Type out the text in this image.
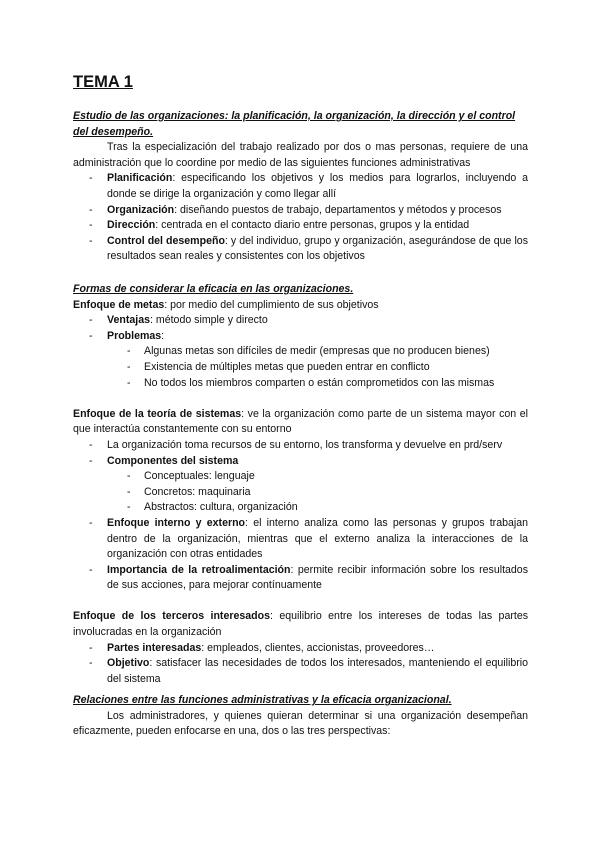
TEMA 1

Estudio de las organizaciones: la planificación, la organización, la dirección y el control del desempeño.

Tras la especialización del trabajo realizado por dos o mas personas, requiere de una administración que lo coordine por medio de las siguientes funciones administrativas

- Planificación: especificando los objetivos y los medios para lograrlos, incluyendo a donde se dirige la organización y como llegar allí
- Organización: diseñando puestos de trabajo, departamentos y métodos y procesos
- Dirección: centrada en el contacto diario entre personas, grupos y la entidad
- Control del desempeño: y del individuo, grupo y organización, asegurándose de que los resultados sean reales y consistentes con los objetivos

Formas de considerar la eficacia en las organizaciones.

Enfoque de metas: por medio del cumplimiento de sus objetivos

- Ventajas: método simple y directo
- Problemas:
- Algunas metas son difíciles de medir (empresas que no producen bienes)
- Existencia de múltiples metas que pueden entrar en conflicto
- No todos los miembros comparten o están comprometidos con las mismas

Enfoque de la teoría de sistemas: ve la organización como parte de un sistema mayor con el que interactúa constantemente con su entorno

- La organización toma recursos de su entorno, los transforma y devuelve en prd/serv
- Componentes del sistema
- Conceptuales: lenguaje
- Concretos: maquinaria
- Abstractos: cultura, organización
- Enfoque interno y externo: el interno analiza como las personas y grupos trabajan dentro de la organización, mientras que el externo analiza la interacciones de la organización con otras entidades
- Importancia de la retroalimentación: permite recibir información sobre los resultados de sus acciones, para mejorar contínuamente

Enfoque de los terceros interesados: equilibrio entre los intereses de todas las partes involucradas en la organización

- Partes interesadas: empleados, clientes, accionistas, proveedores…
- Objetivo: satisfacer las necesidades de todos los interesados, manteniendo el equilibrio del sistema

Relaciones entre las funciones administrativas y la eficacia organizacional.

Los administradores, y quienes quieran determinar si una organización desempeñan eficazmente, pueden enfocarse en una, dos o las tres perspectivas:
